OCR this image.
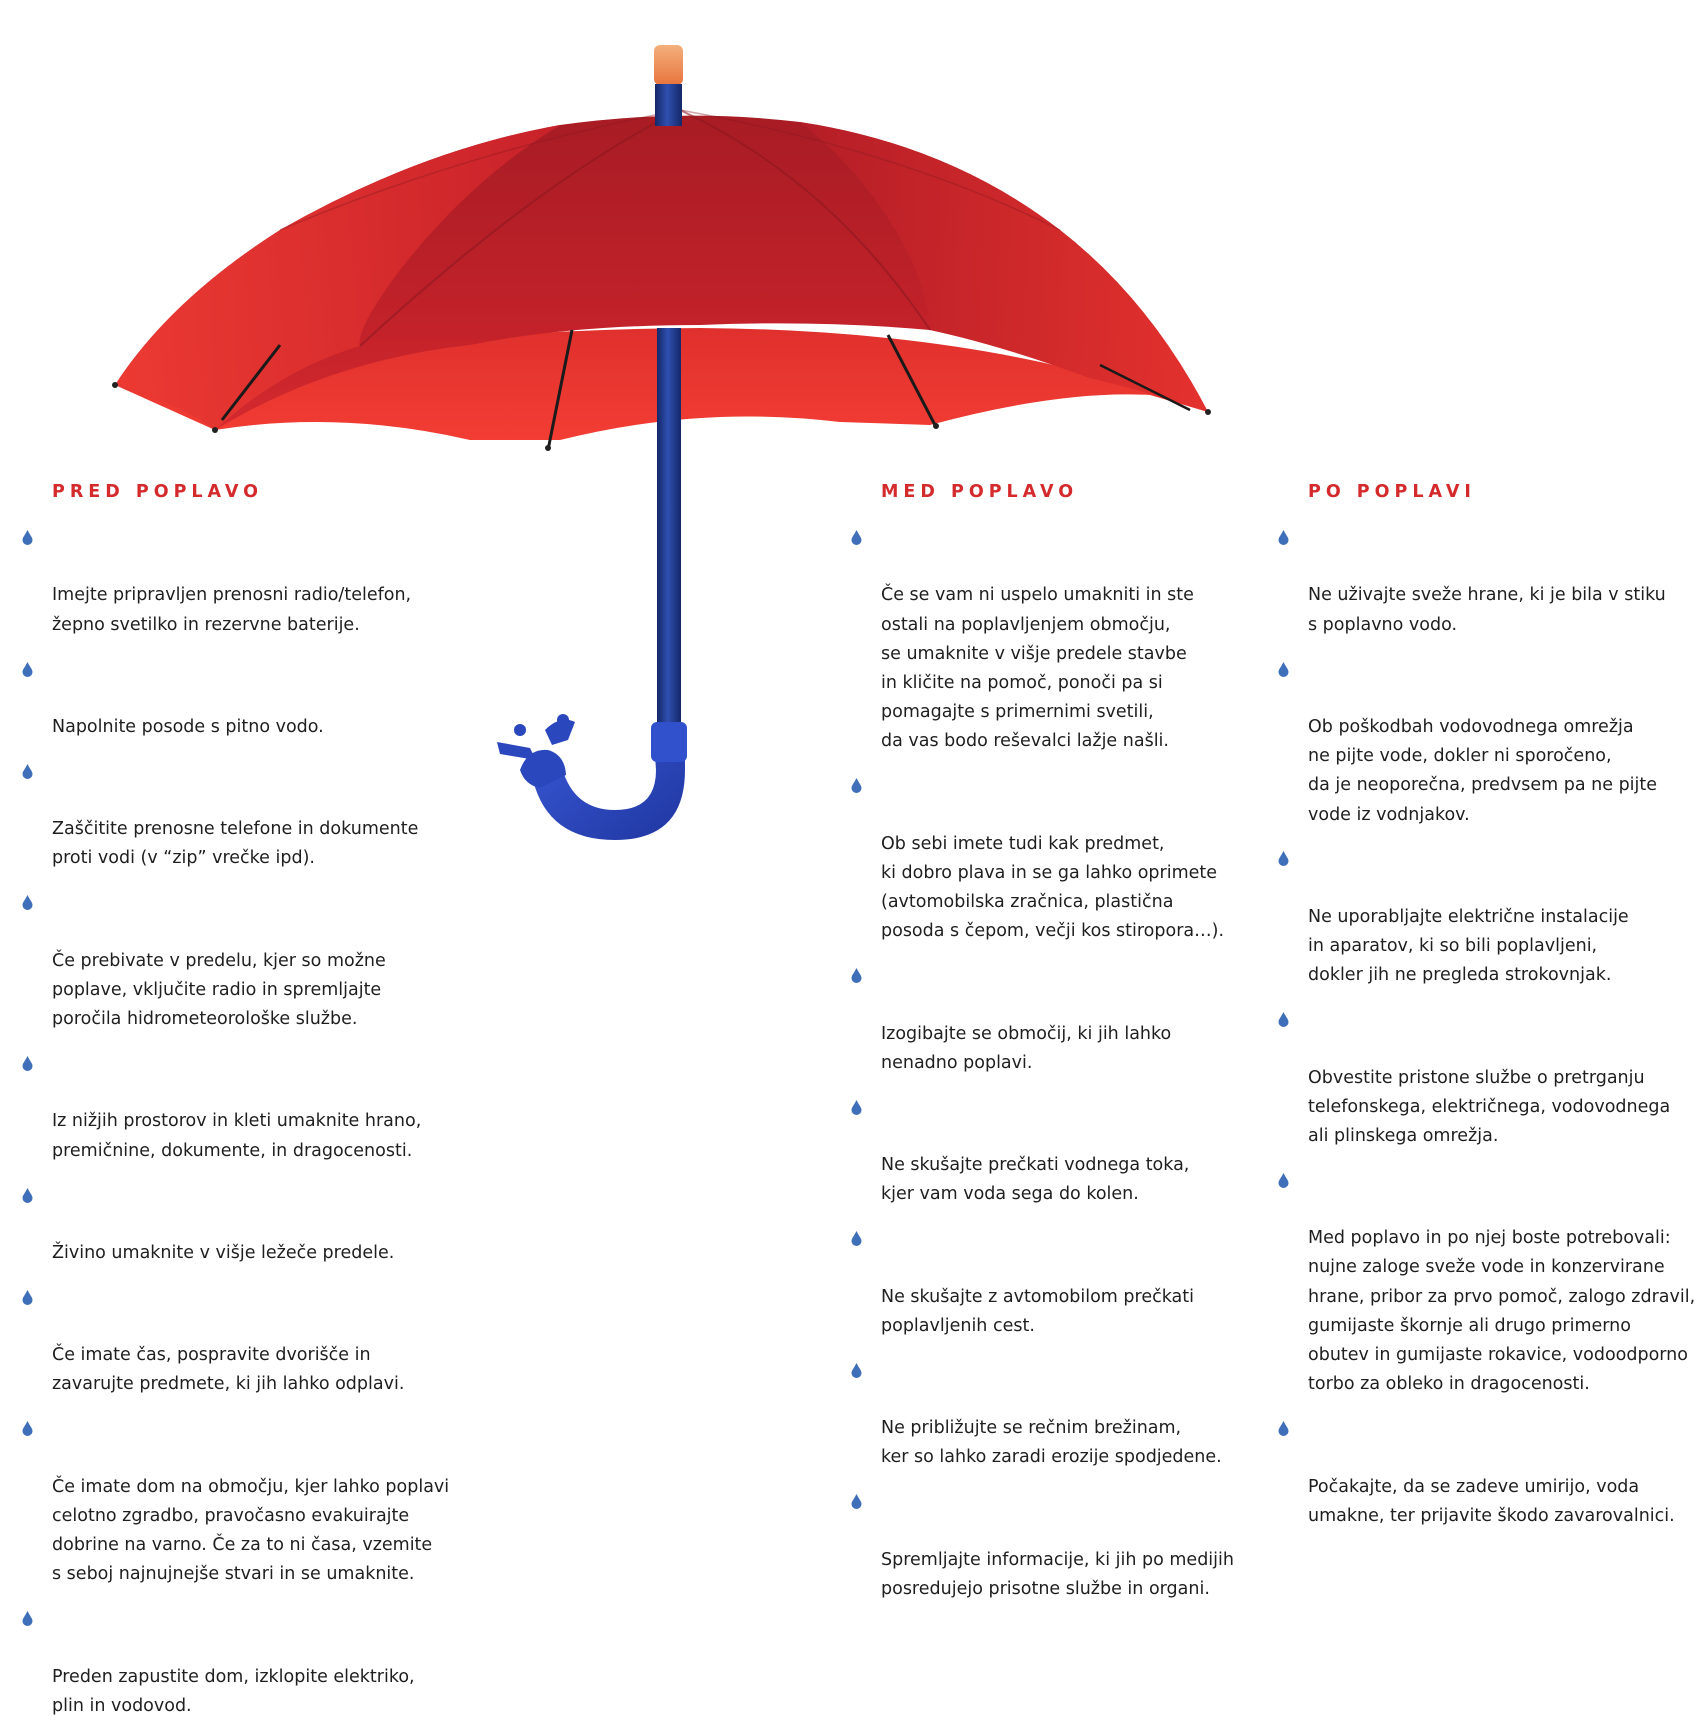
PRED POPLAVO

Imejte pripravljen prenosni radio/telefon,
žepno svetilko in rezervne baterije.

Napolnite posode s pitno vodo.

Zaščitite prenosne telefone in dokumente
proti vodi (v “zip” vrečke ipd).

Če prebivate v predelu, kjer so možne
poplave, vključite radio in spremljajte
poročila hidrometeorološke službe.

Iz nižjih prostorov in kleti umaknite hrano,
premičnine, dokumente, in dragocenosti.

Živino umaknite v višje ležeče predele.

Če imate čas, pospravite dvorišče in
zavarujte predmete, ki jih lahko odplavi.

Če imate dom na območju, kjer lahko poplavi
celotno zgradbo, pravočasno evakuirajte
dobrine na varno. Če za to ni časa, vzemite
s seboj najnujnejše stvari in se umaknite.

Preden zapustite dom, izklopite elektriko,
plin in vodovod.

MED POPLAVO

Če se vam ni uspelo umakniti in ste
ostali na poplavljenjem območju,
se umaknite v višje predele stavbe
in kličite na pomoč, ponoči pa si
pomagajte s primernimi svetili,
da vas bodo reševalci lažje našli.

Ob sebi imete tudi kak predmet,
ki dobro plava in se ga lahko oprimete
(avtomobilska zračnica, plastična
posoda s čepom, večji kos stiropora…).

Izogibajte se območij, ki jih lahko
nenadno poplavi.

Ne skušajte prečkati vodnega toka,
kjer vam voda sega do kolen.

Ne skušajte z avtomobilom prečkati
poplavljenih cest.

Ne približujte se rečnim brežinam,
ker so lahko zaradi erozije spodjedene.

Spremljajte informacije, ki jih po medijih
posredujejo prisotne službe in organi.

PO POPLAVI

Ne uživajte sveže hrane, ki je bila v stiku
s poplavno vodo.

Ob poškodbah vodovodnega omrežja
ne pijte vode, dokler ni sporočeno,
da je neoporečna, predvsem pa ne pijte
vode iz vodnjakov.

Ne uporabljajte električne instalacije
in aparatov, ki so bili poplavljeni,
dokler jih ne pregleda strokovnjak.

Obvestite pristone službe o pretrganju
telefonskega, električnega, vodovodnega
ali plinskega omrežja.

Med poplavo in po njej boste potrebovali:
nujne zaloge sveže vode in konzervirane
hrane, pribor za prvo pomoč, zalogo zdravil,
gumijaste škornje ali drugo primerno
obutev in gumijaste rokavice, vodoodporno
torbo za obleko in dragocenosti.

Počakajte, da se zadeve umirijo, voda
umakne, ter prijavite škodo zavarovalnici.
